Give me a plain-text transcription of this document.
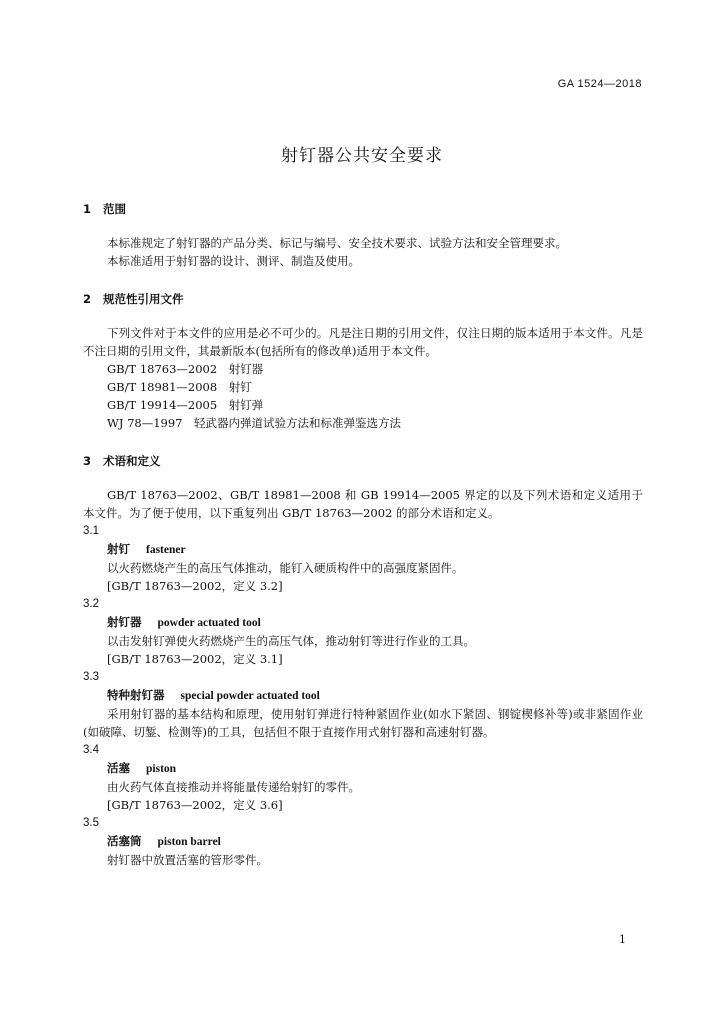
GA 1524—2018
射钉器公共安全要求
1 范围

本标准规定了射钉器的产品分类、标记与编号、安全技术要求、试验方法和安全管理要求。

本标准适用于射钉器的设计、测评、制造及使用。

2 规范性引用文件

下列文件对于本文件的应用是必不可少的。凡是注日期的引用文件，仅注日期的版本适用于本文件。凡是不注日期的引用文件，其最新版本(包括所有的修改单)适用于本文件。

GB/T 18763—2002　射钉器

GB/T 18981—2008　射钉

GB/T 19914—2005　射钉弹

WJ 78—1997　轻武器内弹道试验方法和标准弹鉴选方法

3 术语和定义

GB/T 18763—2002、GB/T 18981—2008 和 GB 19914—2005 界定的以及下列术语和定义适用于本文件。为了便于使用，以下重复列出 GB/T 18763—2002 的部分术语和定义。

3.1

射钉 fastener

以火药燃烧产生的高压气体推动，能钉入硬质构件中的高强度紧固件。

[GB/T 18763—2002，定义 3.2]

3.2

射钉器 powder actuated tool

以击发射钉弹使火药燃烧产生的高压气体，推动射钉等进行作业的工具。

[GB/T 18763—2002，定义 3.1]

3.3

特种射钉器 special powder actuated tool

采用射钉器的基本结构和原理，使用射钉弹进行特种紧固作业(如水下紧固、钢锭楔修补等)或非紧固作业(如破障、切錾、检测等)的工具，包括但不限于直接作用式射钉器和高速射钉器。

3.4

活塞 piston

由火药气体直接推动并将能量传递给射钉的零件。

[GB/T 18763—2002，定义 3.6]

3.5

活塞筒 piston barrel

射钉器中放置活塞的管形零件。

1
